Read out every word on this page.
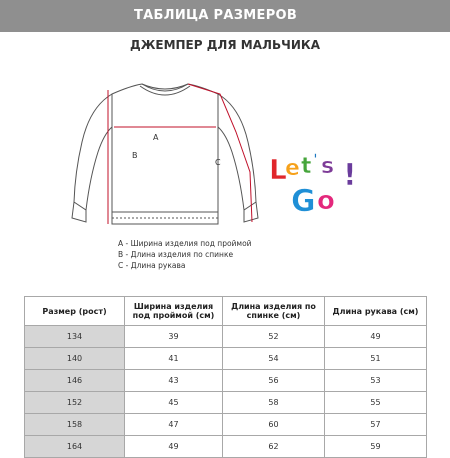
ТАБЛИЦА РАЗМЕРОВ
ДЖЕМПЕР ДЛЯ МАЛЬЧИКА
A
B
C L
e t ' s
G o
!
A - Ширина изделия под проймой
B - Длина изделия по спинке
C - Длина рукава
Размер (рост)	Ширина изделия под проймой (см)	Длина изделия по спинке (см)	Длина рукава (см)
134	39	52	49
140	41	54	51
146	43	56	53
152	45	58	55
158	47	60	57
164	49	62	59
